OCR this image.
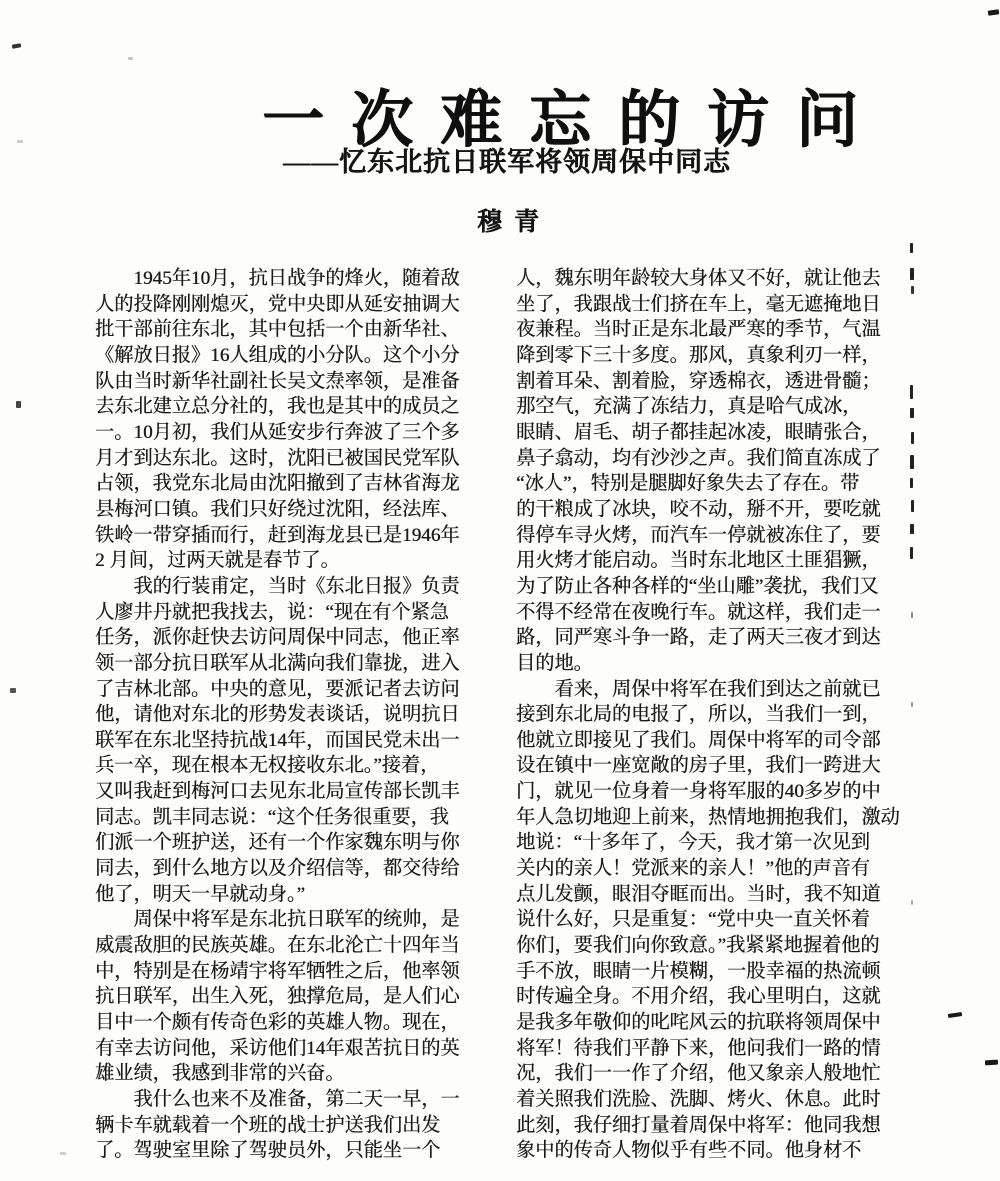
一次难忘的访问
——忆东北抗日联军将领周保中同志
穆青
　　1945年10月，抗日战争的烽火，随着敌
人的投降刚刚熄灭，党中央即从延安抽调大
批干部前往东北，其中包括一个由新华社、
《解放日报》16人组成的小分队。这个小分
队由当时新华社副社长吴文焘率领，是准备
去东北建立总分社的，我也是其中的成员之
一。10月初，我们从延安步行奔波了三个多
月才到达东北。这时，沈阳已被国民党军队
占领，我党东北局由沈阳撤到了吉林省海龙
县梅河口镇。我们只好绕过沈阳，经法库、
铁岭一带穿插而行，赶到海龙县已是1946年
2 月间，过两天就是春节了。
　　我的行装甫定，当时《东北日报》负责
人廖井丹就把我找去，说：“现在有个紧急
任务，派你赶快去访问周保中同志，他正率
领一部分抗日联军从北满向我们靠拢，进入
了吉林北部。中央的意见，要派记者去访问
他，请他对东北的形势发表谈话，说明抗日
联军在东北坚持抗战14年，而国民党未出一
兵一卒，现在根本无权接收东北。”接着，
又叫我赶到梅河口去见东北局宣传部长凯丰
同志。凯丰同志说：“这个任务很重要，我
们派一个班护送，还有一个作家魏东明与你
同去，到什么地方以及介绍信等，都交待给
他了，明天一早就动身。”
　　周保中将军是东北抗日联军的统帅，是
威震敌胆的民族英雄。在东北沦亡十四年当
中，特别是在杨靖宇将军牺牲之后，他率领
抗日联军，出生入死，独撑危局，是人们心
目中一个颇有传奇色彩的英雄人物。现在，
有幸去访问他，采访他们14年艰苦抗日的英
雄业绩，我感到非常的兴奋。
　　我什么也来不及准备，第二天一早，一
辆卡车就载着一个班的战士护送我们出发
了。驾驶室里除了驾驶员外，只能坐一个
人，魏东明年龄较大身体又不好，就让他去
坐了，我跟战士们挤在车上，毫无遮掩地日
夜兼程。当时正是东北最严寒的季节，气温
降到零下三十多度。那风，真象利刃一样，
割着耳朵、割着脸，穿透棉衣，透进骨髓；
那空气，充满了冻结力，真是哈气成冰，
眼睛、眉毛、胡子都挂起冰凌，眼睛张合，
鼻子翕动，均有沙沙之声。我们简直冻成了
“冰人”，特别是腿脚好象失去了存在。带
的干粮成了冰块，咬不动，掰不开，要吃就
得停车寻火烤，而汽车一停就被冻住了，要
用火烤才能启动。当时东北地区土匪猖獗，
为了防止各种各样的“坐山雕”袭扰，我们又
不得不经常在夜晚行车。就这样，我们走一
路，同严寒斗争一路，走了两天三夜才到达
目的地。
　　看来，周保中将军在我们到达之前就已
接到东北局的电报了，所以，当我们一到，
他就立即接见了我们。周保中将军的司令部
设在镇中一座宽敞的房子里，我们一跨进大
门，就见一位身着一身将军服的40多岁的中
年人急切地迎上前来，热情地拥抱我们，激动
地说：“十多年了，今天，我才第一次见到
关内的亲人！党派来的亲人！”他的声音有
点儿发颤，眼泪夺眶而出。当时，我不知道
说什么好，只是重复：“党中央一直关怀着
你们，要我们向你致意。”我紧紧地握着他的
手不放，眼睛一片模糊，一股幸福的热流顿
时传遍全身。不用介绍，我心里明白，这就
是我多年敬仰的叱咤风云的抗联将领周保中
将军！待我们平静下来，他问我们一路的情
况，我们一一作了介绍，他又象亲人般地忙
着关照我们洗脸、洗脚、烤火、休息。此时
此刻，我仔细打量着周保中将军：他同我想
象中的传奇人物似乎有些不同。他身材不
